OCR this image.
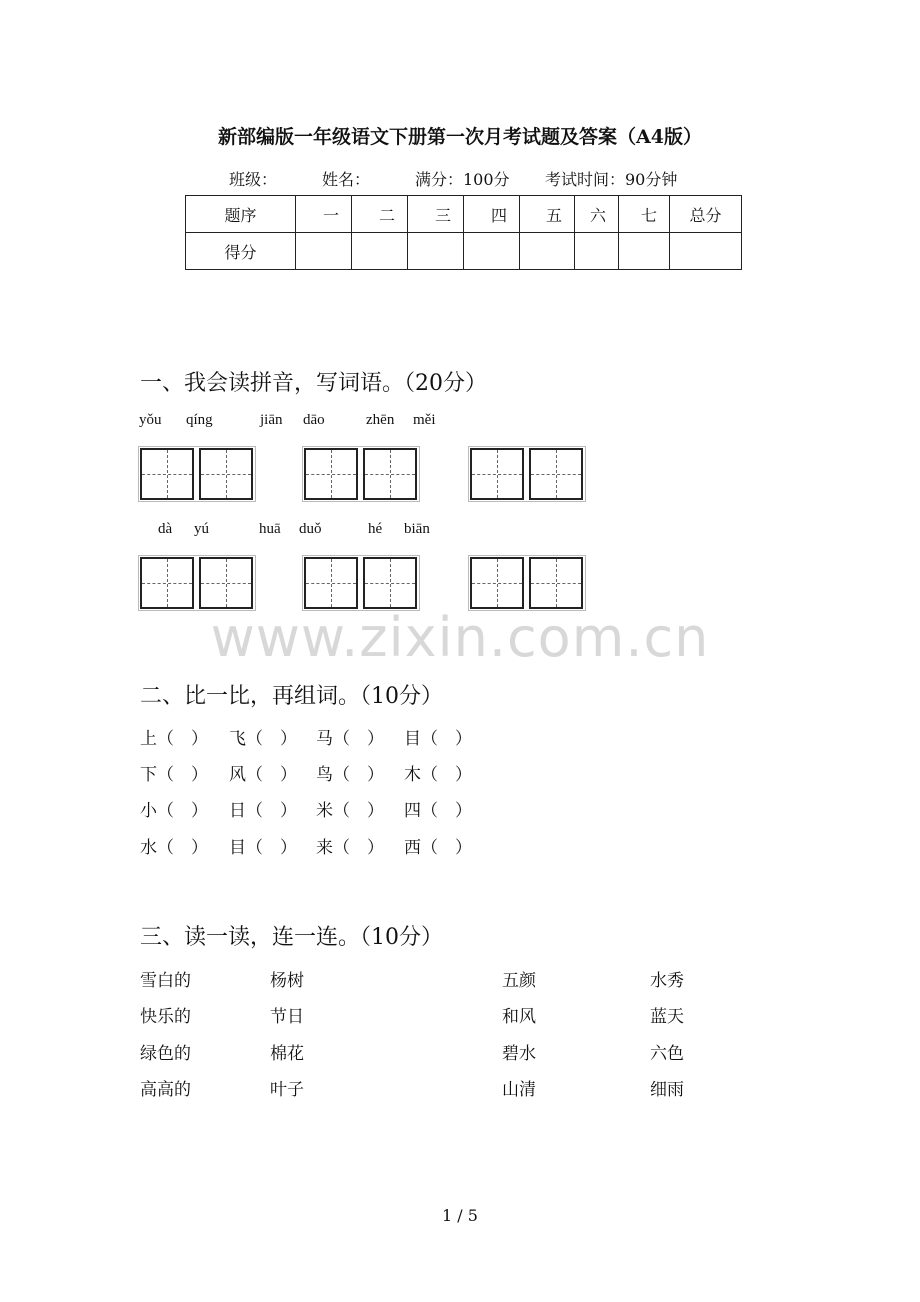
新部编版一年级语文下册第一次月考试题及答案（A4版）
班级：	姓名：	满分：100分 考试时间：90分钟
题序	一	二	三	四	五	六	七	总分
得分								
一、我会读拼音，写词语。（20分）
yǒu qíng	jiān dāo	zhēn měi
dà yú	huā duǒ	hé biān
www.zixin.com.cn
二、比一比，再组词。（10分）
上（　） 飞（　） 马（　） 目（　）
下（　） 风（　） 鸟（　） 木（　）
小（　） 日（　） 米（　） 四（　）
水（　） 目（　） 来（　） 西（　）
三、读一读，连一连。（10分）
雪白的	杨树	五颜	水秀
快乐的	节日	和风	蓝天
绿色的	棉花	碧水	六色
高高的	叶子	山清	细雨
1 / 5
